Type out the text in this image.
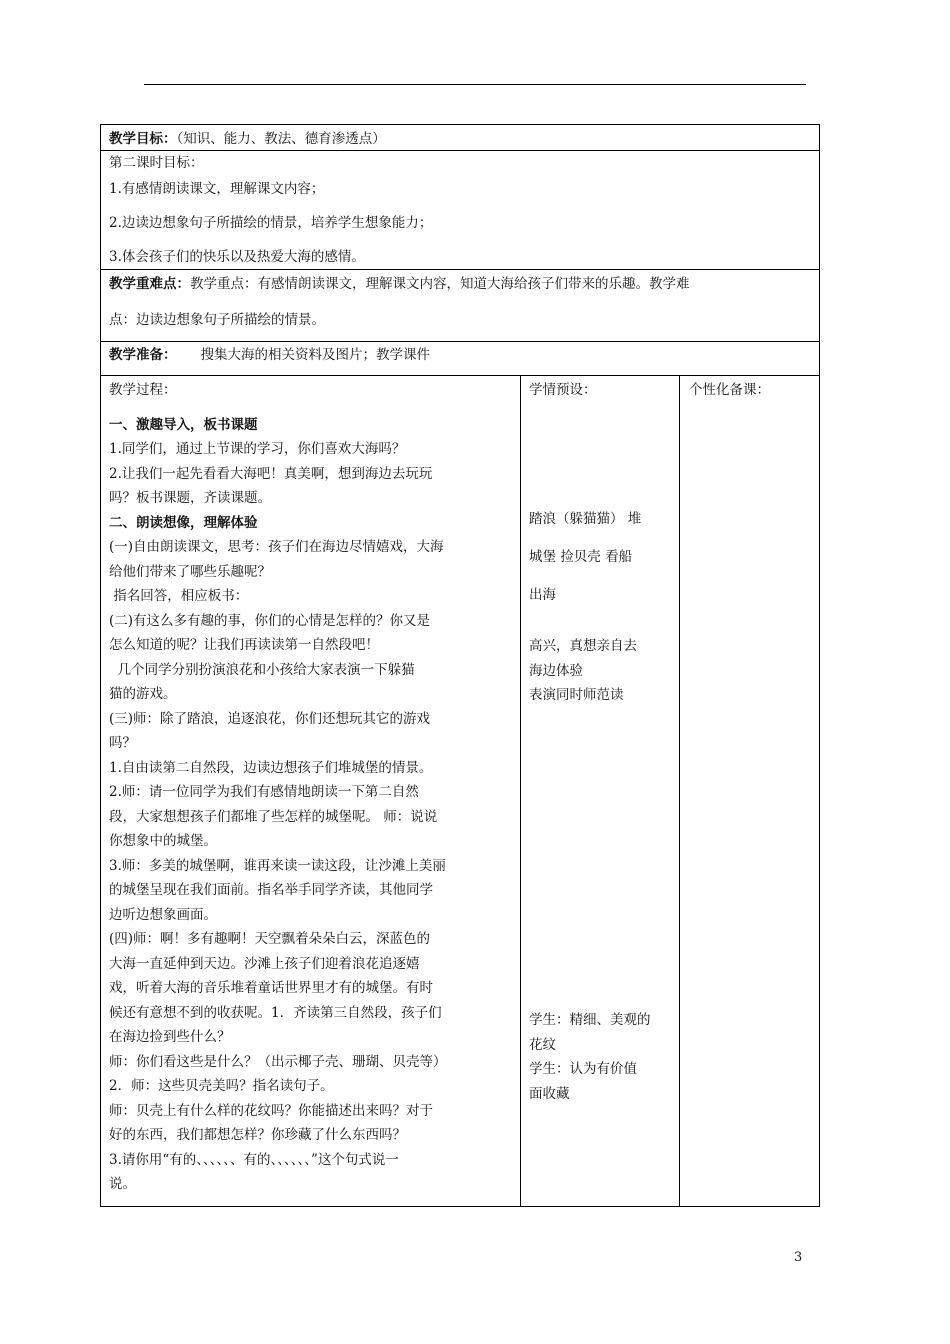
教学目标：（知识、能力、教法、德育渗透点）
第二课时目标：
1.有感情朗读课文，理解课文内容；
2.边读边想象句子所描绘的情景，培养学生想象能力；
3.体会孩子们的快乐以及热爱大海的感情。
教学重难点：教学重点：有感情朗读课文，理解课文内容，知道大海给孩子们带来的乐趣。教学难
点：边读边想象句子所描绘的情景。
教学准备： 搜集大海的相关资料及图片；教学课件
教学过程：
一、激趣导入，板书课题
1.同学们，通过上节课的学习，你们喜欢大海吗？
2.让我们一起先看看大海吧！真美啊，想到海边去玩玩
吗？板书课题，齐读课题。
二、朗读想像，理解体验
(一)自由朗读课文，思考：孩子们在海边尽情嬉戏，大海
给他们带来了哪些乐趣呢？
指名回答，相应板书：
(二)有这么多有趣的事，你们的心情是怎样的？你又是
怎么知道的呢？让我们再读读第一自然段吧！
几个同学分别扮演浪花和小孩给大家表演一下躲猫
猫的游戏。
(三)师：除了踏浪，追逐浪花，你们还想玩其它的游戏
吗？
1.自由读第二自然段，边读边想孩子们堆城堡的情景。
2.师：请一位同学为我们有感情地朗读一下第二自然
段，大家想想孩子们都堆了些怎样的城堡呢。 师：说说
你想象中的城堡。
3.师：多美的城堡啊，谁再来读一读这段，让沙滩上美丽
的城堡呈现在我们面前。指名举手同学齐读，其他同学
边听边想象画面。
(四)师：啊！多有趣啊！天空飘着朵朵白云，深蓝色的
大海一直延伸到天边。沙滩上孩子们迎着浪花追逐嬉
戏，听着大海的音乐堆着童话世界里才有的城堡。有时
候还有意想不到的收获呢。1．齐读第三自然段，孩子们
在海边捡到些什么？
师：你们看这些是什么？（出示椰子壳、珊瑚、贝壳等）
2．师：这些贝壳美吗？指名读句子。
师：贝壳上有什么样的花纹吗？你能描述出来吗？对于
好的东西，我们都想怎样？你珍藏了什么东西吗？
3.请你用“有的、、、、、、有的、、、、、、”这个句式说一
说。
学情预设：
踏浪（躲猫猫） 堆
城堡 捡贝壳 看船
出海
高兴，真想亲自去
海边体验
表演同时师范读
学生：精细、美观的
花纹
学生：认为有价值
面收藏
个性化备课：
3
